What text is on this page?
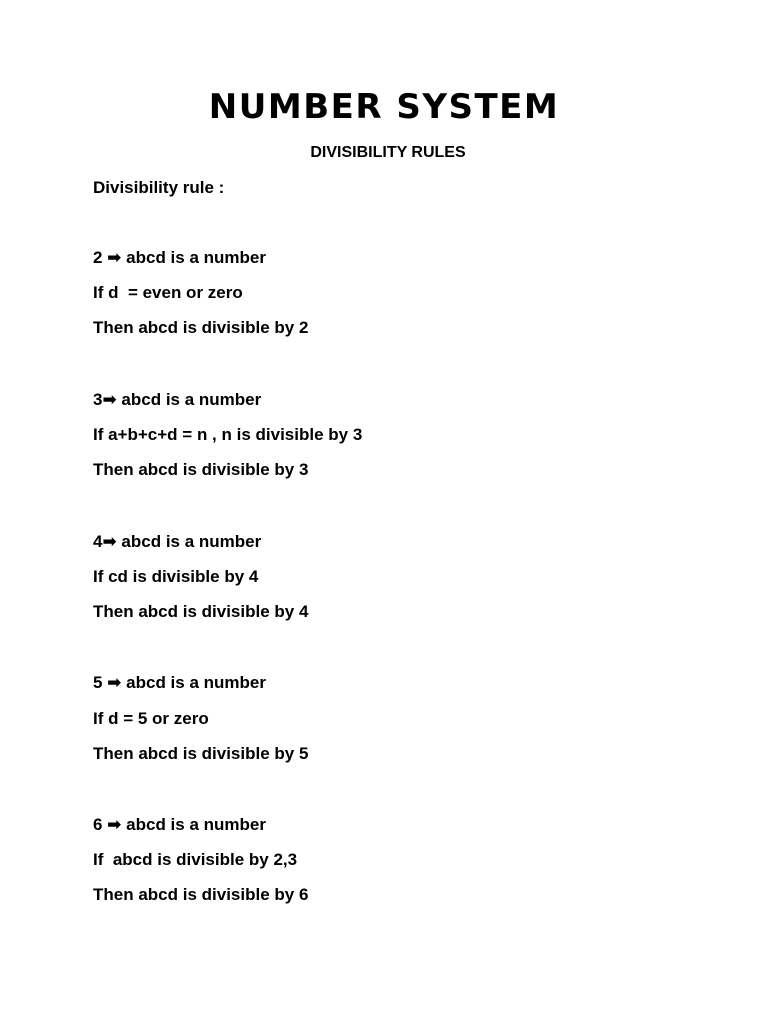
NUMBER SYSTEM
DIVISIBILITY RULES
Divisibility rule :
2 ➡ abcd is a number
If d  = even or zero
Then abcd is divisible by 2
3➡ abcd is a number
If a+b+c+d = n , n is divisible by 3
Then abcd is divisible by 3
4➡ abcd is a number
If cd is divisible by 4
Then abcd is divisible by 4
5 ➡ abcd is a number
If d = 5 or zero
Then abcd is divisible by 5
6 ➡ abcd is a number
If  abcd is divisible by 2,3
Then abcd is divisible by 6
